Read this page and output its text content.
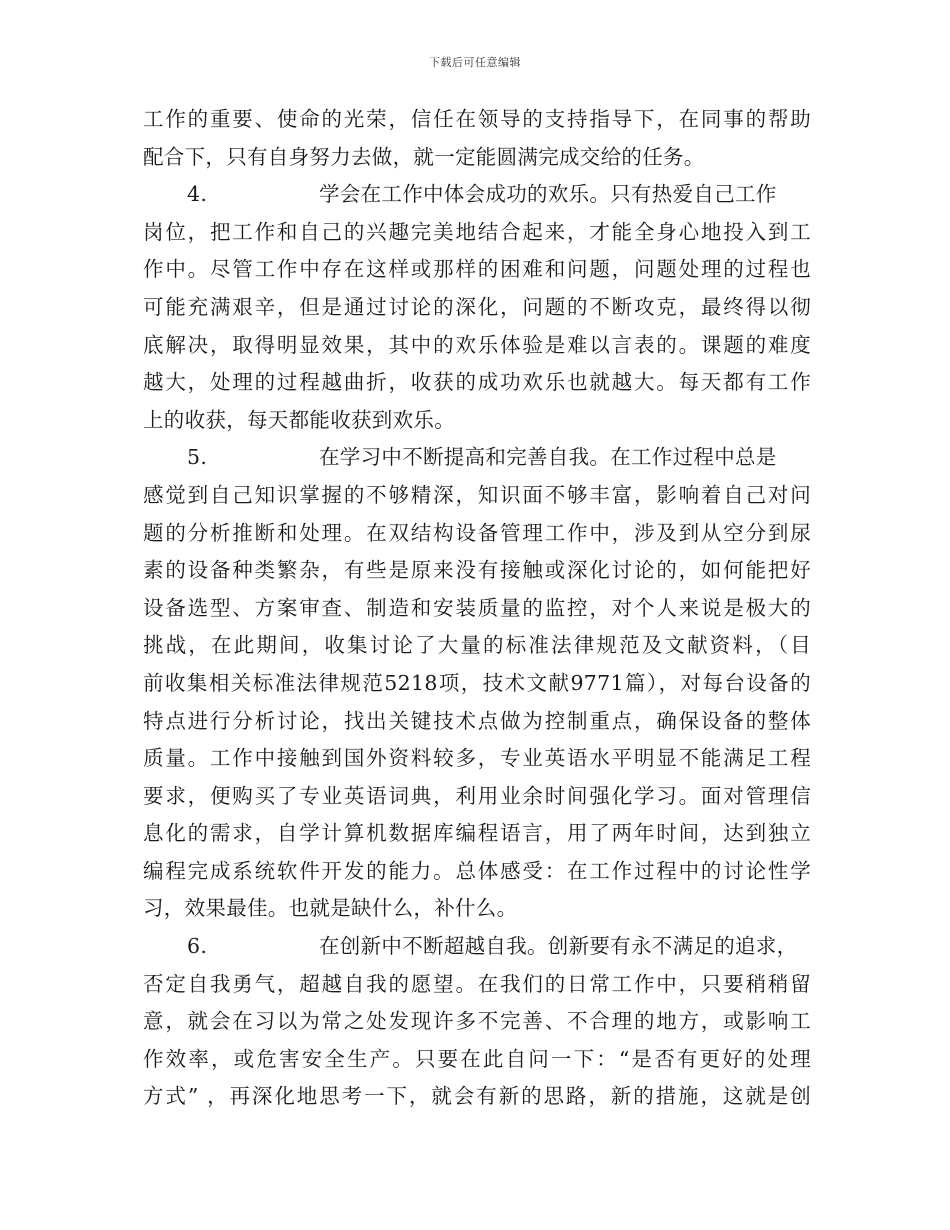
下载后可任意编辑
工作的重要、使命的光荣，信任在领导的支持指导下，在同事的帮助
配合下，只有自身努力去做，就一定能圆满完成交给的任务。
4.	学会在工作中体会成功的欢乐。只有热爱自己工作
岗位，把工作和自己的兴趣完美地结合起来，才能全身心地投入到工
作中。尽管工作中存在这样或那样的困难和问题，问题处理的过程也
可能充满艰辛，但是通过讨论的深化，问题的不断攻克，最终得以彻
底解决，取得明显效果，其中的欢乐体验是难以言表的。课题的难度
越大，处理的过程越曲折，收获的成功欢乐也就越大。每天都有工作
上的收获，每天都能收获到欢乐。
5.	在学习中不断提高和完善自我。在工作过程中总是
感觉到自己知识掌握的不够精深，知识面不够丰富，影响着自己对问
题的分析推断和处理。在双结构设备管理工作中，涉及到从空分到尿
素的设备种类繁杂，有些是原来没有接触或深化讨论的，如何能把好
设备选型、方案审查、制造和安装质量的监控，对个人来说是极大的
挑战，在此期间，收集讨论了大量的标准法律规范及文献资料，（目
前收集相关标准法律规范5218项，技术文献9771篇），对每台设备的
特点进行分析讨论，找出关键技术点做为控制重点，确保设备的整体
质量。工作中接触到国外资料较多，专业英语水平明显不能满足工程
要求，便购买了专业英语词典，利用业余时间强化学习。面对管理信
息化的需求，自学计算机数据库编程语言，用了两年时间，达到独立
编程完成系统软件开发的能力。总体感受：在工作过程中的讨论性学
习，效果最佳。也就是缺什么，补什么。
6.	在创新中不断超越自我。创新要有永不满足的追求，
否定自我勇气，超越自我的愿望。在我们的日常工作中，只要稍稍留
意，就会在习以为常之处发现许多不完善、不合理的地方，或影响工
作效率，或危害安全生产。只要在此自问一下：“是否有更好的处理
方式” ，再深化地思考一下，就会有新的思路，新的措施，这就是创
